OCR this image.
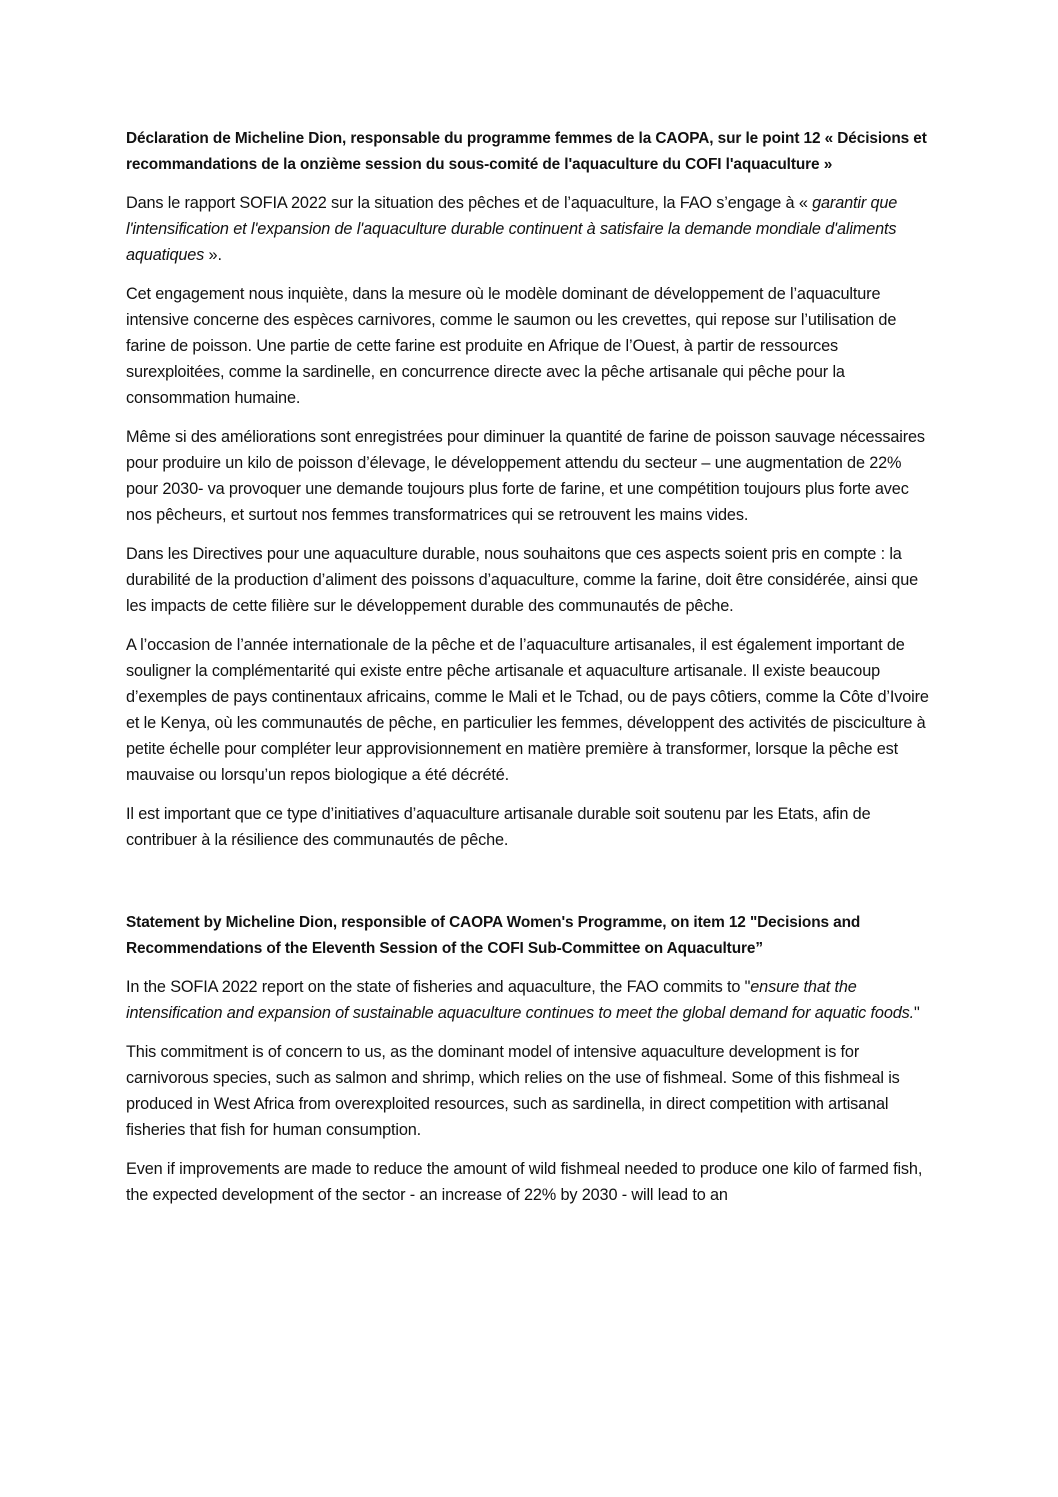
Déclaration de Micheline Dion, responsable du programme femmes de la CAOPA, sur le point 12 « Décisions et recommandations de la onzième session du sous-comité de l'aquaculture du COFI l'aquaculture »

Dans le rapport SOFIA 2022 sur la situation des pêches et de l’aquaculture, la FAO s’engage à « garantir que l'intensification et l'expansion de l'aquaculture durable continuent à satisfaire la demande mondiale d'aliments aquatiques ».

Cet engagement nous inquiète, dans la mesure où le modèle dominant de développement de l’aquaculture intensive concerne des espèces carnivores, comme le saumon ou les crevettes, qui repose sur l’utilisation de farine de poisson. Une partie de cette farine est produite en Afrique de l’Ouest, à partir de ressources surexploitées, comme la sardinelle, en concurrence directe avec la pêche artisanale qui pêche pour la consommation humaine.

Même si des améliorations sont enregistrées pour diminuer la quantité de farine de poisson sauvage nécessaires pour produire un kilo de poisson d’élevage, le développement attendu du secteur – une augmentation de 22% pour 2030- va provoquer une demande toujours plus forte de farine, et une compétition toujours plus forte avec nos pêcheurs, et surtout nos femmes transformatrices qui se retrouvent les mains vides.

Dans les Directives pour une aquaculture durable, nous souhaitons que ces aspects soient pris en compte : la durabilité de la production d’aliment des poissons d’aquaculture, comme la farine, doit être considérée, ainsi que les impacts de cette filière sur le développement durable des communautés de pêche.

A l’occasion de l’année internationale de la pêche et de l’aquaculture artisanales, il est également important de souligner la complémentarité qui existe entre pêche artisanale et aquaculture artisanale. Il existe beaucoup d’exemples de pays continentaux africains, comme le Mali et le Tchad, ou de pays côtiers, comme la Côte d’Ivoire et le Kenya, où les communautés de pêche, en particulier les femmes, développent des activités de pisciculture à petite échelle pour compléter leur approvisionnement en matière première à transformer, lorsque la pêche est mauvaise ou lorsqu’un repos biologique a été décrété.

Il est important que ce type d’initiatives d’aquaculture artisanale durable soit soutenu par les Etats, afin de contribuer à la résilience des communautés de pêche.

Statement by Micheline Dion, responsible of CAOPA Women's Programme, on item 12 "Decisions and Recommendations of the Eleventh Session of the COFI Sub-Committee on Aquaculture”

In the SOFIA 2022 report on the state of fisheries and aquaculture, the FAO commits to "ensure that the intensification and expansion of sustainable aquaculture continues to meet the global demand for aquatic foods."

This commitment is of concern to us, as the dominant model of intensive aquaculture development is for carnivorous species, such as salmon and shrimp, which relies on the use of fishmeal. Some of this fishmeal is produced in West Africa from overexploited resources, such as sardinella, in direct competition with artisanal fisheries that fish for human consumption.

Even if improvements are made to reduce the amount of wild fishmeal needed to produce one kilo of farmed fish, the expected development of the sector - an increase of 22% by 2030 - will lead to an
